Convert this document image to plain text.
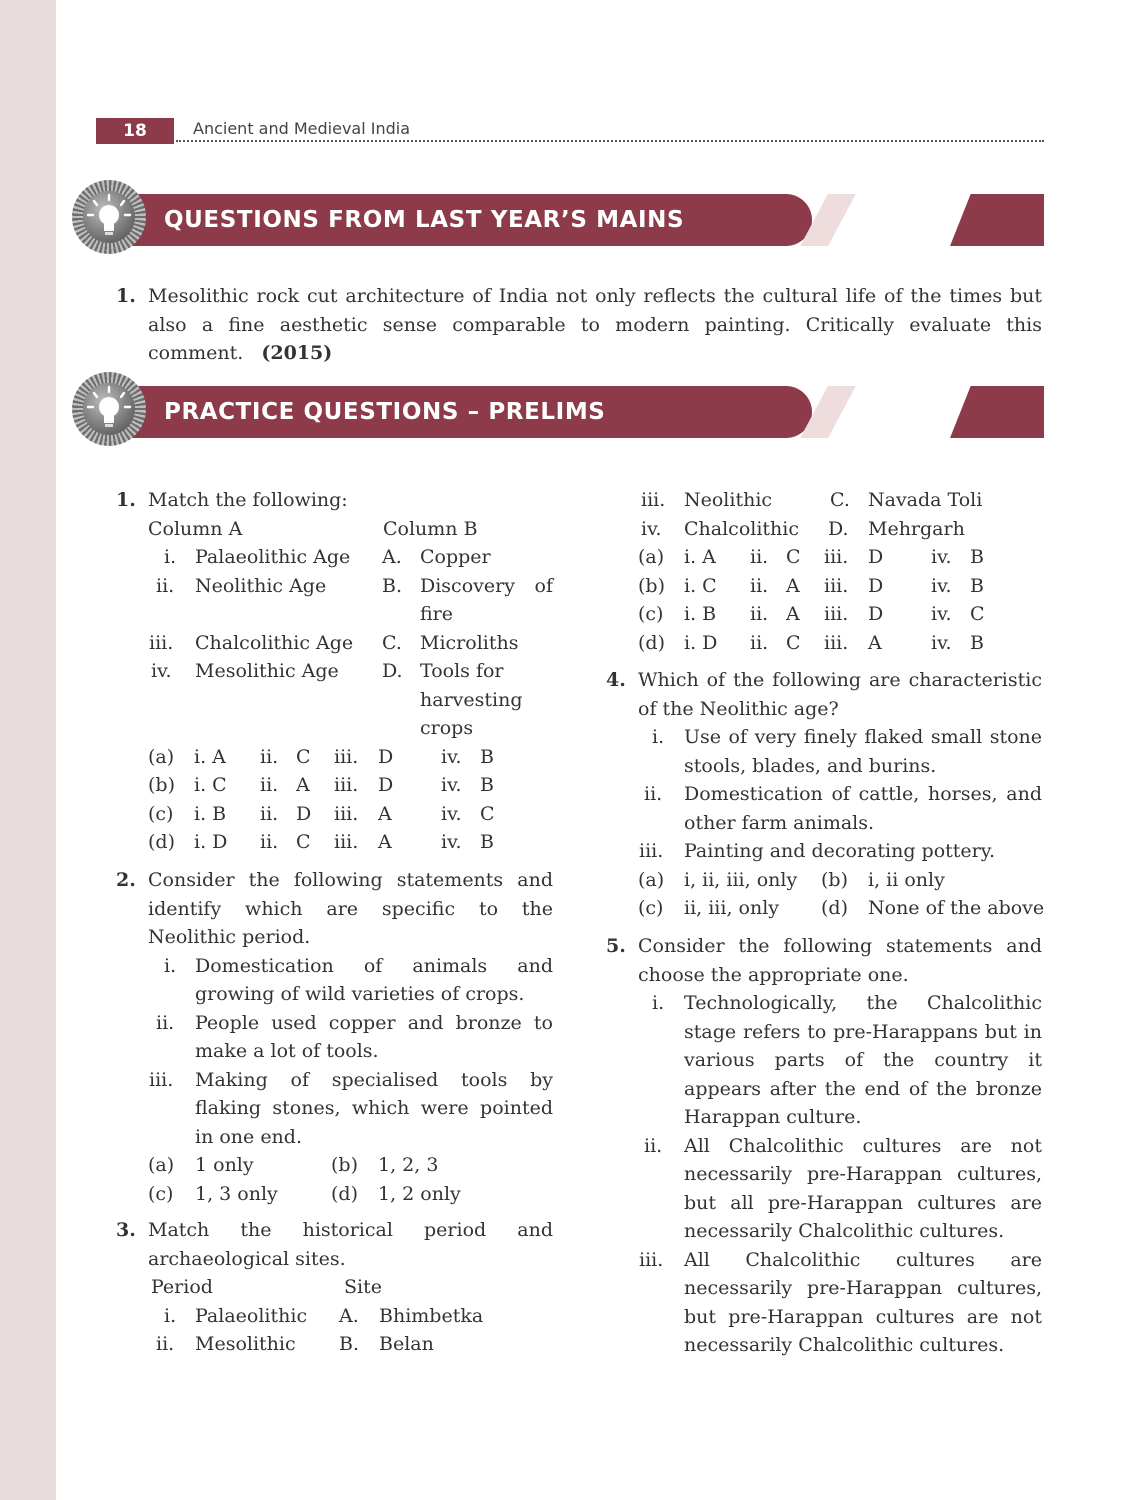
18	Ancient and Medieval India
QUESTIONS FROM LAST YEAR’S MAINS
1. Mesolithic rock cut architecture of India not only reflects the cultural life of the times but also a fine aesthetic sense comparable to modern painting. Critically evaluate this comment. (2015)
PRACTICE QUESTIONS – PRELIMS
1. Match the following:
Column A	Column B
i. Palaeolithic Age A. Copper
ii. Neolithic Age	B. Discovery of fire
iii. Chalcolithic Age C. Microliths
iv. Mesolithic Age D. Tools for harvesting crops
(a) i. A ii. C iii. D	iv. B
(b) i. C ii. A iii. D	iv. B
(c) i. B ii. D iii. A	iv. C
(d) i. D ii. C iii. A	iv. B
2. Consider the following statements and identify which are specific to the Neolithic period.
i. Domestication of animals and growing of wild varieties of crops.
ii. People used copper and bronze to make a lot of tools.
iii. Making of specialised tools by flaking stones, which were pointed in one end.
(a) 1 only	(b) 1, 2, 3
(c) 1, 3 only	(d) 1, 2 only
3. Match the historical period and archaeological sites.
Period	Site
i. Palaeolithic A. Bhimbetka
ii. Mesolithic B. Belan
iii. Neolithic	C. Navada Toli
iv. Chalcolithic D. Mehrgarh
(a) i. A ii. C iii. D	iv. B
(b) i. C ii. A iii. D	iv. B
(c) i. B ii. A iii. D	iv. C
(d) i. D ii. C iii. A	iv. B
4. Which of the following are characteristic of the Neolithic age?
i. Use of very finely flaked small stone stools, blades, and burins.
ii. Domestication of cattle, horses, and other farm animals.
iii. Painting and decorating pottery.
(a) i, ii, iii, only (b) i, ii only
(c) ii, iii, only (d) None of the above
5. Consider the following statements and choose the appropriate one.
i. Technologically, the Chalcolithic stage refers to pre-Harappans but in various parts of the country it appears after the end of the bronze Harappan culture.
ii. All Chalcolithic cultures are not necessarily pre-Harappan cultures, but all pre-Harappan cultures are necessarily Chalcolithic cultures.
iii. All Chalcolithic cultures are necessarily pre-Harappan cultures, but pre-Harappan cultures are not necessarily Chalcolithic cultures.
